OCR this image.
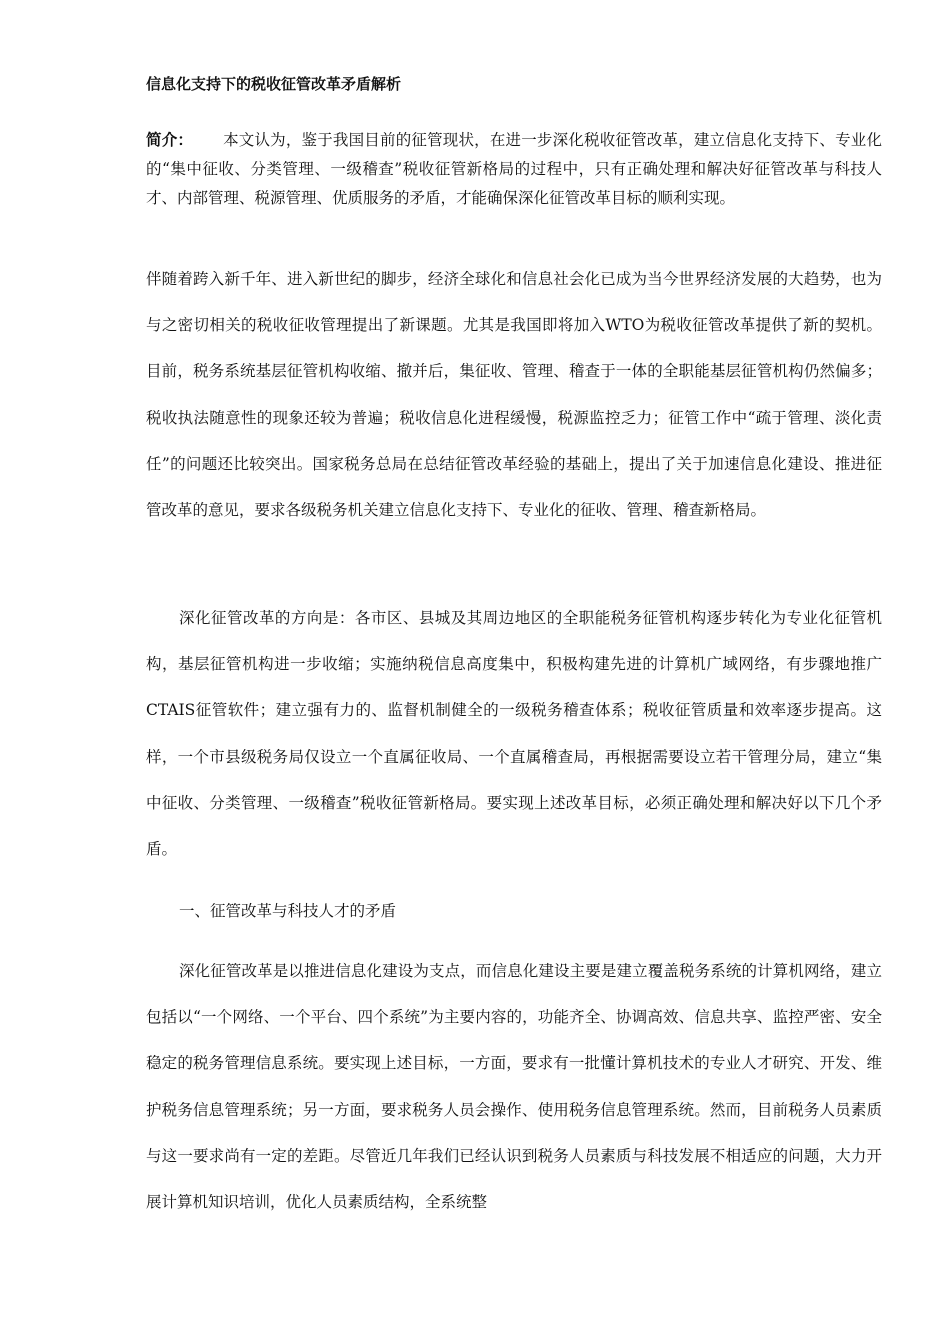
信息化支持下的税收征管改革矛盾解析
简介： 本文认为，鉴于我国目前的征管现状，在进一步深化税收征管改革，建立信息化支持下、专业化的“集中征收、分类管理、一级稽查”税收征管新格局的过程中，只有正确处理和解决好征管改革与科技人才、内部管理、税源管理、优质服务的矛盾，才能确保深化征管改革目标的顺利实现。

伴随着跨入新千年、进入新世纪的脚步，经济全球化和信息社会化已成为当今世界经济发展的大趋势，也为与之密切相关的税收征收管理提出了新课题。尤其是我国即将加入WTO为税收征管改革提供了新的契机。目前，税务系统基层征管机构收缩、撤并后，集征收、管理、稽查于一体的全职能基层征管机构仍然偏多；税收执法随意性的现象还较为普遍；税收信息化进程缓慢，税源监控乏力；征管工作中“疏于管理、淡化责任”的问题还比较突出。国家税务总局在总结征管改革经验的基础上，提出了关于加速信息化建设、推进征管改革的意见，要求各级税务机关建立信息化支持下、专业化的征收、管理、稽查新格局。

深化征管改革的方向是：各市区、县城及其周边地区的全职能税务征管机构逐步转化为专业化征管机构，基层征管机构进一步收缩；实施纳税信息高度集中，积极构建先进的计算机广域网络，有步骤地推广CTAIS征管软件；建立强有力的、监督机制健全的一级税务稽查体系；税收征管质量和效率逐步提高。这样，一个市县级税务局仅设立一个直属征收局、一个直属稽查局，再根据需要设立若干管理分局，建立“集中征收、分类管理、一级稽查”税收征管新格局。要实现上述改革目标，必须正确处理和解决好以下几个矛盾。

一、征管改革与科技人才的矛盾

深化征管改革是以推进信息化建设为支点，而信息化建设主要是建立覆盖税务系统的计算机网络，建立包括以“一个网络、一个平台、四个系统”为主要内容的，功能齐全、协调高效、信息共享、监控严密、安全稳定的税务管理信息系统。要实现上述目标，一方面，要求有一批懂计算机技术的专业人才研究、开发、维护税务信息管理系统；另一方面，要求税务人员会操作、使用税务信息管理系统。然而，目前税务人员素质与这一要求尚有一定的差距。尽管近几年我们已经认识到税务人员素质与科技发展不相适应的问题，大力开展计算机知识培训，优化人员素质结构，全系统整
